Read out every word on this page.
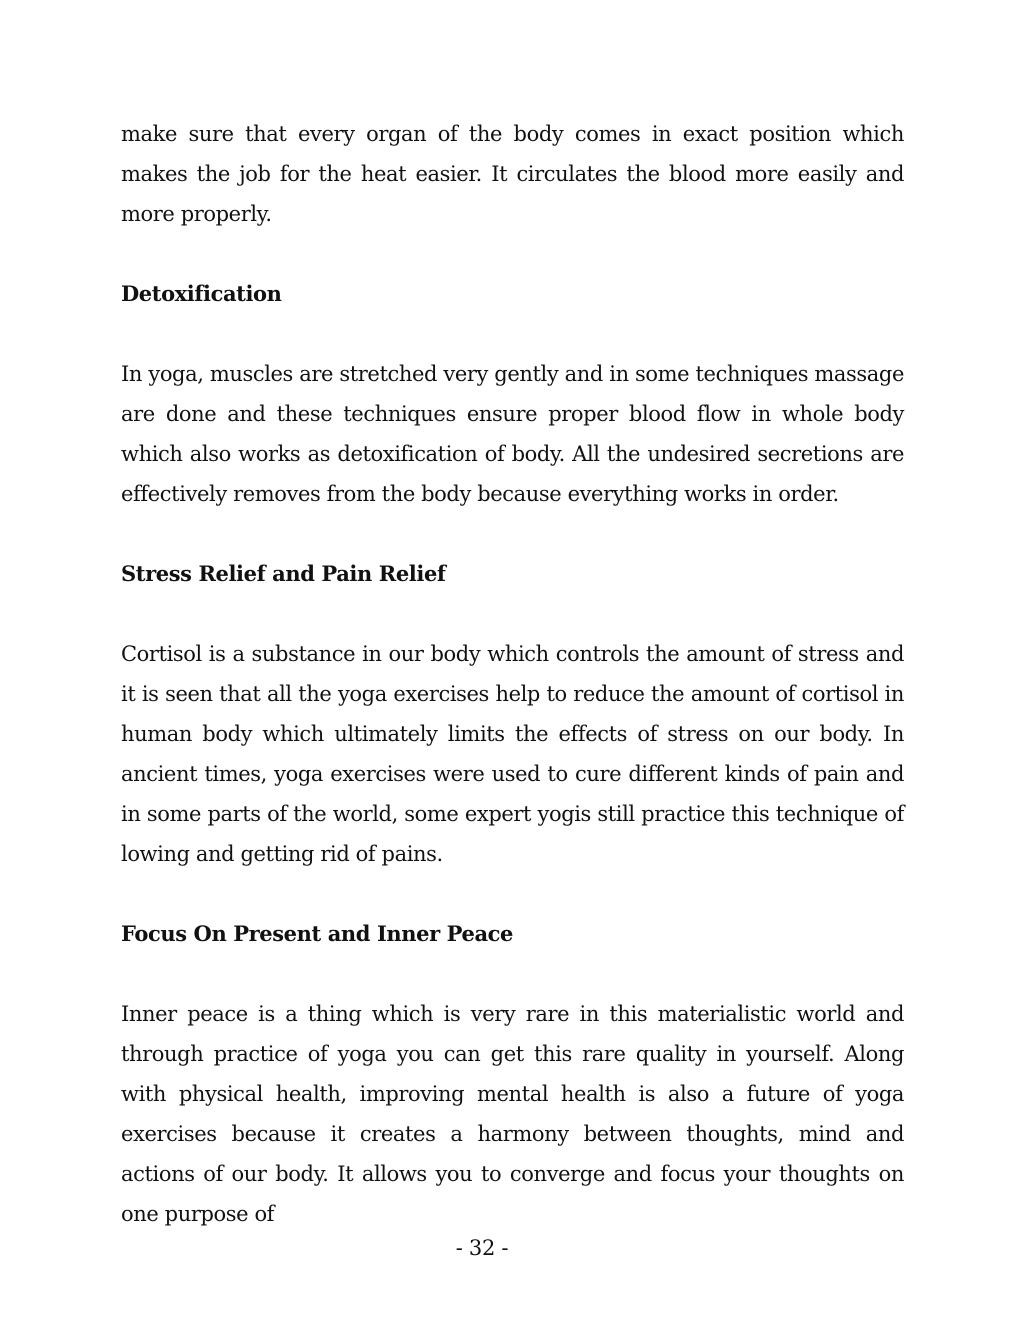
make sure that every organ of the body comes in exact position which makes the job for the heat easier. It circulates the blood more easily and more properly.

Detoxification

In yoga, muscles are stretched very gently and in some techniques massage are done and these techniques ensure proper blood flow in whole body which also works as detoxification of body. All the undesired secretions are effectively removes from the body because everything works in order.

Stress Relief and Pain Relief

Cortisol is a substance in our body which controls the amount of stress and it is seen that all the yoga exercises help to reduce the amount of cortisol in human body which ultimately limits the effects of stress on our body. In ancient times, yoga exercises were used to cure different kinds of pain and in some parts of the world, some expert yogis still practice this technique of lowing and getting rid of pains.

Focus On Present and Inner Peace

Inner peace is a thing which is very rare in this materialistic world and through practice of yoga you can get this rare quality in yourself. Along with physical health, improving mental health is also a future of yoga exercises because it creates a harmony between thoughts, mind and actions of our body. It allows you to converge and focus your thoughts on one purpose of

- 32 -
